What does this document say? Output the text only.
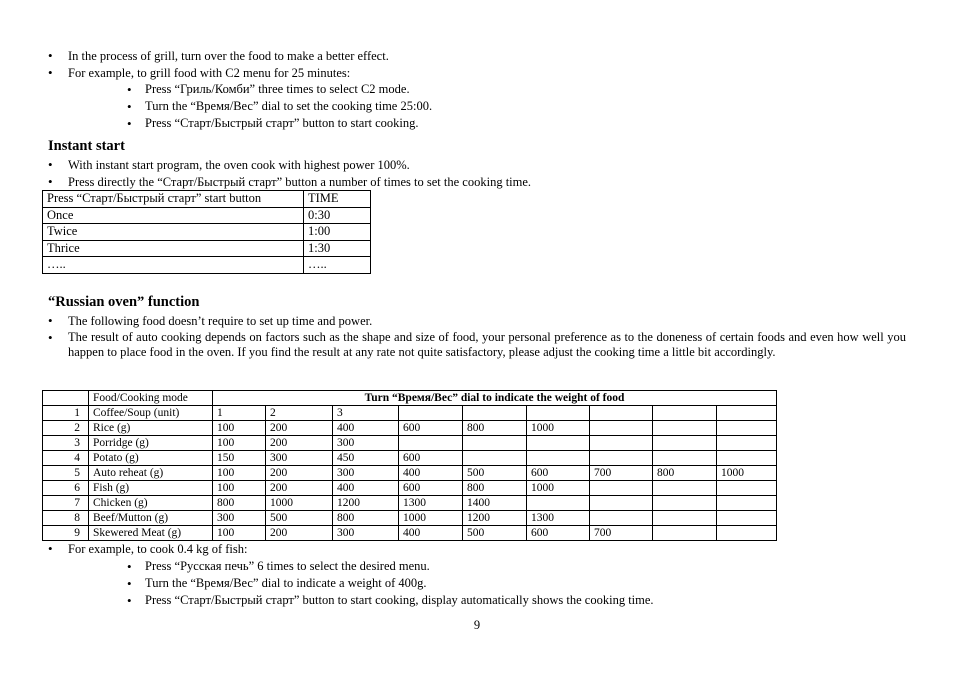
• In the process of grill, turn over the food to make a better effect.
• For example, to grill food with C2 menu for 25 minutes:
• Press “Гриль/Комби” three times to select C2 mode.
• Turn the “Время/Вес” dial to set the cooking time 25:00.
• Press “Старт/Быстрый старт” button to start cooking.
Instant start
• With instant start program, the oven cook with highest power 100%.
• Press directly the “Старт/Быстрый старт” button a number of times to set the cooking time.
Press “Старт/Быстрый старт” start button	TIME
Once	0:30
Twice	1:00
Thrice	1:30
…..	…..
“Russian oven” function
• The following food doesn’t require to set up time and power.
• The result of auto cooking depends on factors such as the shape and size of food, your personal preference as to the doneness of certain foods and even how well you happen to place food in the oven. If you find the result at any rate not quite satisfactory, please adjust the cooking time a little bit accordingly.
	Food/Cooking mode	Turn “Время/Вес” dial to indicate the weight of food								
1	Coffee/Soup (unit)	1	2	3						
2	Rice (g)	100	200	400	600	800	1000			
3	Porridge (g)	100	200	300						
4	Potato (g)	150	300	450	600					
5	Auto reheat (g)	100	200	300	400	500	600	700	800	1000
6	Fish (g)	100	200	400	600	800	1000			
7	Chicken (g)	800	1000	1200	1300	1400				
8	Beef/Mutton (g)	300	500	800	1000	1200	1300			
9	Skewered Meat (g)	100	200	300	400	500	600	700		
• For example, to cook 0.4 kg of fish:
• Press “Русская печь” 6 times to select the desired menu.
• Turn the “Время/Вес” dial to indicate a weight of 400g.
• Press “Старт/Быстрый старт” button to start cooking, display automatically shows the cooking time.
9
